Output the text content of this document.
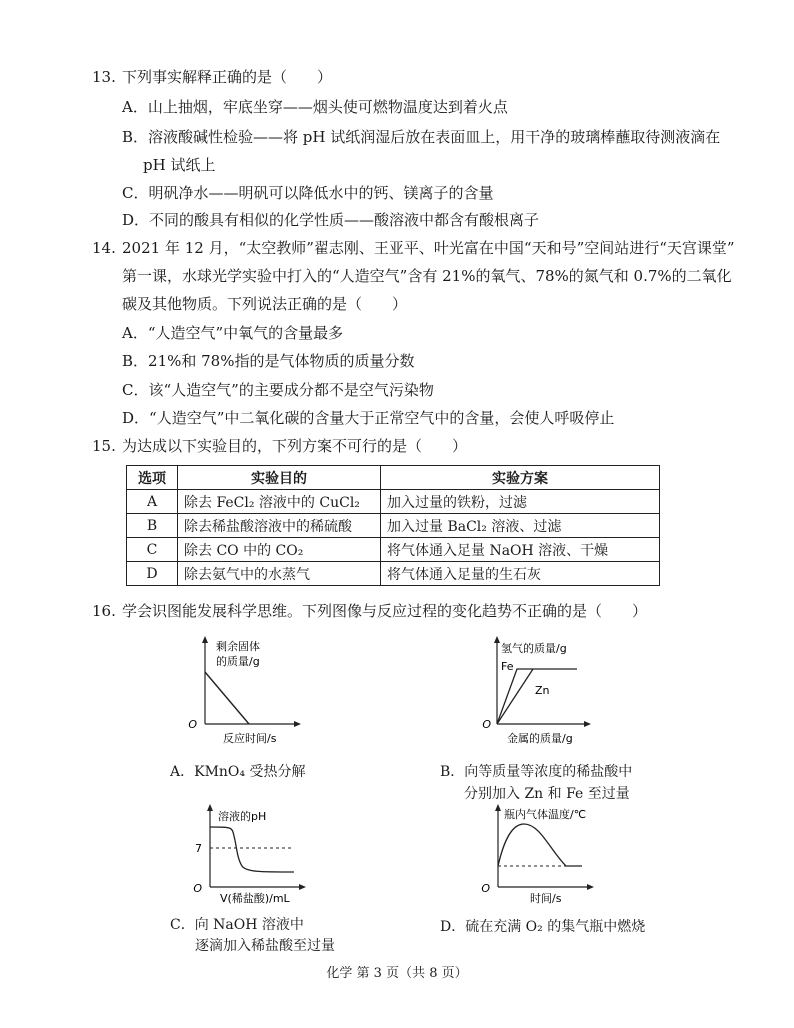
13. 下列事实解释正确的是（　　）
A．山上抽烟，牢底坐穿——烟头使可燃物温度达到着火点
B．溶液酸碱性检验——将 pH 试纸润湿后放在表面皿上，用干净的玻璃棒蘸取待测液滴在
pH 试纸上
C．明矾净水——明矾可以降低水中的钙、镁离子的含量
D．不同的酸具有相似的化学性质——酸溶液中都含有酸根离子
14. 2021 年 12 月，“太空教师”翟志刚、王亚平、叶光富在中国“天和号”空间站进行“天宫课堂”
第一课，水球光学实验中打入的“人造空气”含有 21%的氧气、78%的氮气和 0.7%的二氧化
碳及其他物质。下列说法正确的是（　　）
A．“人造空气”中氧气的含量最多
B．21%和 78%指的是气体物质的质量分数
C．该“人造空气”的主要成分都不是空气污染物
D．“人造空气”中二氧化碳的含量大于正常空气中的含量，会使人呼吸停止
15. 为达成以下实验目的，下列方案不可行的是（　　）
选项	实验目的	实验方案
A	除去 FeCl₂ 溶液中的 CuCl₂	加入过量的铁粉，过滤
B	除去稀盐酸溶液中的稀硫酸	加入过量 BaCl₂ 溶液、过滤
C	除去 CO 中的 CO₂	将气体通入足量 NaOH 溶液、干燥
D	除去氨气中的水蒸气	将气体通入足量的生石灰
16. 学会识图能发展科学思维。下列图像与反应过程的变化趋势不正确的是（　　）
剩余固体
的质量/g
O
反应时间/s
A．KMnO₄ 受热分解
氢气的质量/g
Fe
Zn
O
金属的质量/g
B．向等质量等浓度的稀盐酸中
分别加入 Zn 和 Fe 至过量
溶液的pH
7
O
V(稀盐酸)/mL
C．向 NaOH 溶液中
逐滴加入稀盐酸至过量
瓶内气体温度/℃
O
时间/s
D．硫在充满 O₂ 的集气瓶中燃烧
化学 第 3 页（共 8 页）
